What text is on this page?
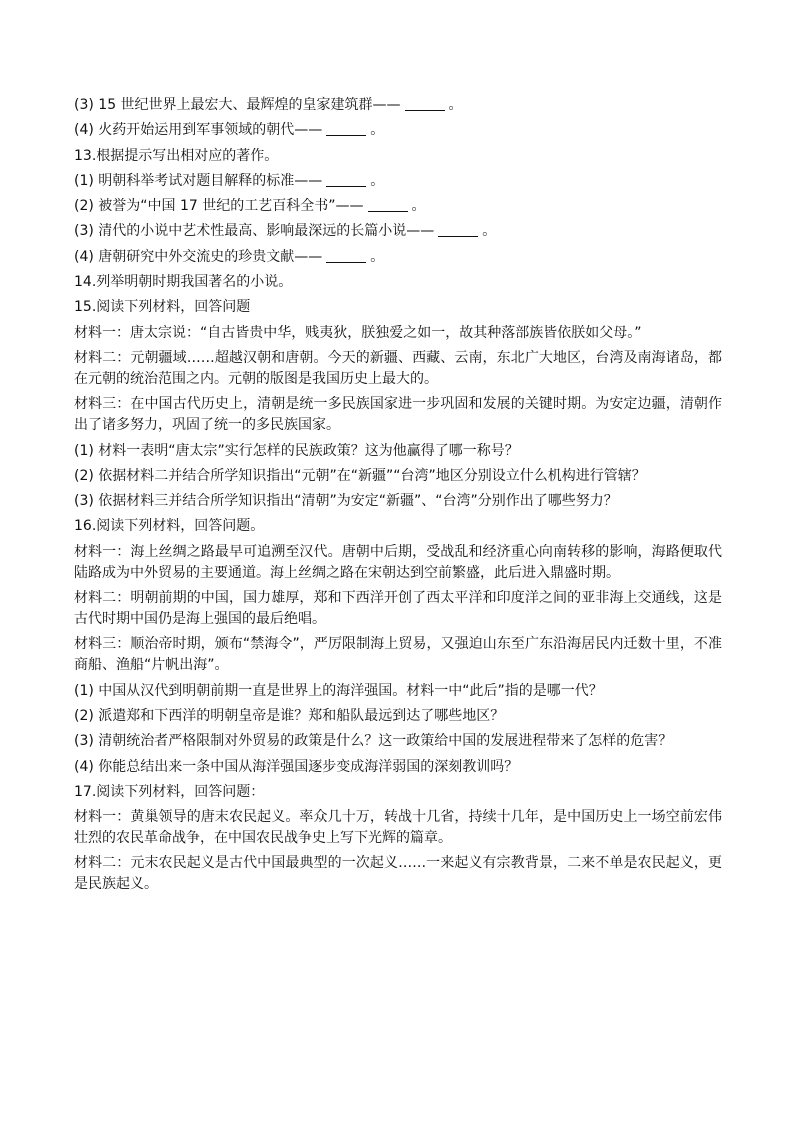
(3) 15 世纪世界上最宏大、最辉煌的皇家建筑群——	。
(4) 火药开始运用到军事领域的朝代——	。
13.根据提示写出相对应的著作。
(1) 明朝科举考试对题目解释的标准——	。
(2) 被誉为“中国 17 世纪的工艺百科全书”——	。
(3) 清代的小说中艺术性最高、影响最深远的长篇小说——	。
(4) 唐朝研究中外交流史的珍贵文献——	。
14.列举明朝时期我国著名的小说。
15.阅读下列材料，回答问题
材料一：唐太宗说：“自古皆贵中华，贱夷狄，朕独爱之如一，故其种落部族皆依朕如父母。”
材料二：元朝疆域……超越汉朝和唐朝。今天的新疆、西藏、云南，东北广大地区，台湾及南海诸岛，都在元朝的统治范围之内。元朝的版图是我国历史上最大的。
材料三：在中国古代历史上，清朝是统一多民族国家进一步巩固和发展的关键时期。为安定边疆，清朝作出了诸多努力，巩固了统一的多民族国家。
(1) 材料一表明“唐太宗”实行怎样的民族政策？这为他赢得了哪一称号？
(2) 依据材料二并结合所学知识指出“元朝”在“新疆”“台湾”地区分别设立什么机构进行管辖？
(3) 依据材料三并结合所学知识指出“清朝”为安定“新疆”、“台湾”分别作出了哪些努力？
16.阅读下列材料，回答问题。
材料一：海上丝绸之路最早可追溯至汉代。唐朝中后期，受战乱和经济重心向南转移的影响，海路便取代陆路成为中外贸易的主要通道。海上丝绸之路在宋朝达到空前繁盛，此后进入鼎盛时期。
材料二：明朝前期的中国，国力雄厚，郑和下西洋开创了西太平洋和印度洋之间的亚非海上交通线，这是古代时期中国仍是海上强国的最后绝唱。
材料三：顺治帝时期，颁布“禁海令”，严厉限制海上贸易，又强迫山东至广东沿海居民内迁数十里，不准商船、渔船“片帆出海”。
(1) 中国从汉代到明朝前期一直是世界上的海洋强国。材料一中“此后”指的是哪一代？
(2) 派遣郑和下西洋的明朝皇帝是谁？郑和船队最远到达了哪些地区？
(3) 清朝统治者严格限制对外贸易的政策是什么？这一政策给中国的发展进程带来了怎样的危害？
(4) 你能总结出来一条中国从海洋强国逐步变成海洋弱国的深刻教训吗？
17.阅读下列材料，回答问题：
材料一：黄巢领导的唐末农民起义。率众几十万，转战十几省，持续十几年，是中国历史上一场空前宏伟壮烈的农民革命战争，在中国农民战争史上写下光辉的篇章。
材料二：元末农民起义是古代中国最典型的一次起义……一来起义有宗教背景，二来不单是农民起义，更是民族起义。
